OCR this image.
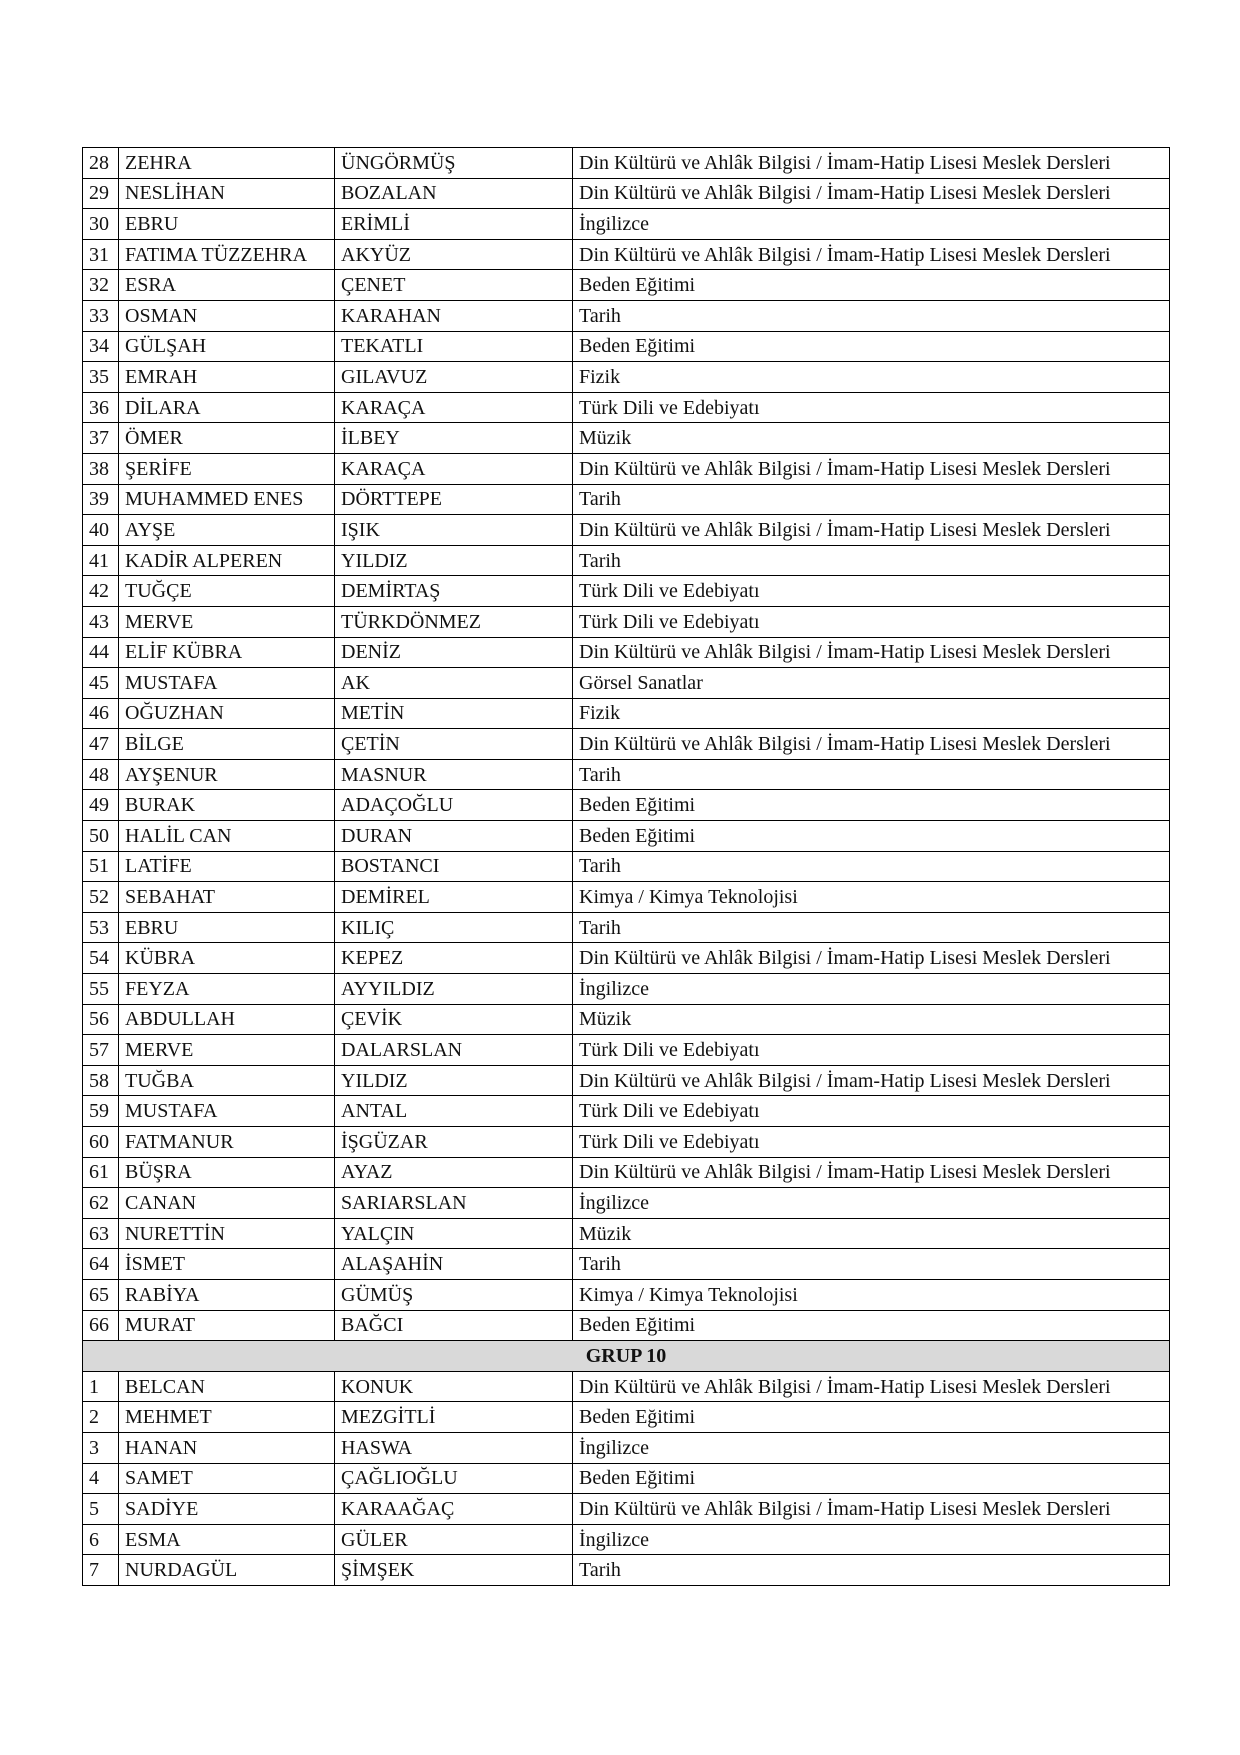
28	ZEHRA	ÜNGÖRMÜŞ	Din Kültürü ve Ahlâk Bilgisi / İmam-Hatip Lisesi Meslek Dersleri
29	NESLİHAN	BOZALAN	Din Kültürü ve Ahlâk Bilgisi / İmam-Hatip Lisesi Meslek Dersleri
30	EBRU	ERİMLİ	İngilizce
31	FATIMA TÜZZEHRA	AKYÜZ	Din Kültürü ve Ahlâk Bilgisi / İmam-Hatip Lisesi Meslek Dersleri
32	ESRA	ÇENET	Beden Eğitimi
33	OSMAN	KARAHAN	Tarih
34	GÜLŞAH	TEKATLI	Beden Eğitimi
35	EMRAH	GILAVUZ	Fizik
36	DİLARA	KARAÇA	Türk Dili ve Edebiyatı
37	ÖMER	İLBEY	Müzik
38	ŞERİFE	KARAÇA	Din Kültürü ve Ahlâk Bilgisi / İmam-Hatip Lisesi Meslek Dersleri
39	MUHAMMED ENES	DÖRTTEPE	Tarih
40	AYŞE	IŞIK	Din Kültürü ve Ahlâk Bilgisi / İmam-Hatip Lisesi Meslek Dersleri
41	KADİR ALPEREN	YILDIZ	Tarih
42	TUĞÇE	DEMİRTAŞ	Türk Dili ve Edebiyatı
43	MERVE	TÜRKDÖNMEZ	Türk Dili ve Edebiyatı
44	ELİF KÜBRA	DENİZ	Din Kültürü ve Ahlâk Bilgisi / İmam-Hatip Lisesi Meslek Dersleri
45	MUSTAFA	AK	Görsel Sanatlar
46	OĞUZHAN	METİN	Fizik
47	BİLGE	ÇETİN	Din Kültürü ve Ahlâk Bilgisi / İmam-Hatip Lisesi Meslek Dersleri
48	AYŞENUR	MASNUR	Tarih
49	BURAK	ADAÇOĞLU	Beden Eğitimi
50	HALİL CAN	DURAN	Beden Eğitimi
51	LATİFE	BOSTANCI	Tarih
52	SEBAHAT	DEMİREL	Kimya / Kimya Teknolojisi
53	EBRU	KILIÇ	Tarih
54	KÜBRA	KEPEZ	Din Kültürü ve Ahlâk Bilgisi / İmam-Hatip Lisesi Meslek Dersleri
55	FEYZA	AYYILDIZ	İngilizce
56	ABDULLAH	ÇEVİK	Müzik
57	MERVE	DALARSLAN	Türk Dili ve Edebiyatı
58	TUĞBA	YILDIZ	Din Kültürü ve Ahlâk Bilgisi / İmam-Hatip Lisesi Meslek Dersleri
59	MUSTAFA	ANTAL	Türk Dili ve Edebiyatı
60	FATMANUR	İŞGÜZAR	Türk Dili ve Edebiyatı
61	BÜŞRA	AYAZ	Din Kültürü ve Ahlâk Bilgisi / İmam-Hatip Lisesi Meslek Dersleri
62	CANAN	SARIARSLAN	İngilizce
63	NURETTİN	YALÇIN	Müzik
64	İSMET	ALAŞAHİN	Tarih
65	RABİYA	GÜMÜŞ	Kimya / Kimya Teknolojisi
66	MURAT	BAĞCI	Beden Eğitimi
GRUP 10			
1	BELCAN	KONUK	Din Kültürü ve Ahlâk Bilgisi / İmam-Hatip Lisesi Meslek Dersleri
2	MEHMET	MEZGİTLİ	Beden Eğitimi
3	HANAN	HASWA	İngilizce
4	SAMET	ÇAĞLIOĞLU	Beden Eğitimi
5	SADİYE	KARAAĞAÇ	Din Kültürü ve Ahlâk Bilgisi / İmam-Hatip Lisesi Meslek Dersleri
6	ESMA	GÜLER	İngilizce
7	NURDAGÜL	ŞİMŞEK	Tarih
